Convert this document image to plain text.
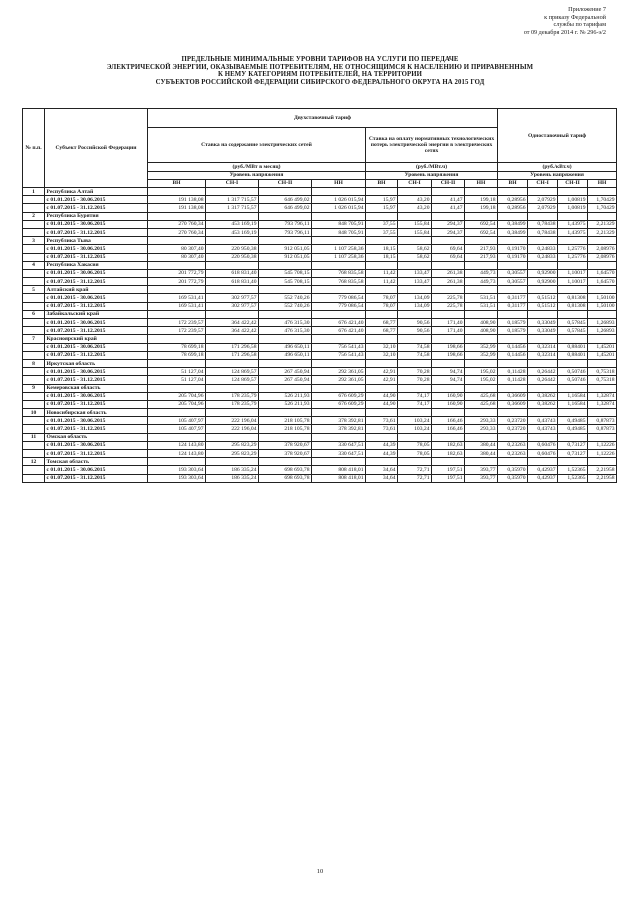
Приложение 7
к приказу Федеральной
службы по тарифам
от 09 декабря 2014 г. № 296-э/2
ПРЕДЕЛЬНЫЕ МИНИМАЛЬНЫЕ УРОВНИ ТАРИФОВ НА УСЛУГИ ПО ПЕРЕДАЧЕ
ЭЛЕКТРИЧЕСКОЙ ЭНЕРГИИ, ОКАЗЫВАЕМЫЕ ПОТРЕБИТЕЛЯМ, НЕ ОТНОСЯЩИМСЯ К НАСЕЛЕНИЮ И ПРИРАВНЕННЫМ
К НЕМУ КАТЕГОРИЯМ ПОТРЕБИТЕЛЕЙ, НА ТЕРРИТОРИИ
СУБЪЕКТОВ РОССИЙСКОЙ ФЕДЕРАЦИИ СИБИРСКОГО ФЕДЕРАЛЬНОГО ОКРУГА НА 2015 ГОД
№ п.п.	Субъект Российской Федерации	Двухставочный тариф								Одноставочный тариф			
		Ставка на содержание электрических сетей				Ставка на оплату нормативных технологических потерь электрической энергии в электрических сетях							
		(руб./МВт в месяц)				(руб./МВт.ч)				(руб./кВт.ч)			
		Уровень напряжения				Уровень напряжения				Уровень напряжения			
		ВН	СН-I	СН-II	НН	ВН	СН-I	СН-II	НН	ВН	СН-I	СН-II	НН
1	Республика Алтай												
	с 01.01.2015 - 30.06.2015	191 138,08	1 317 715,57	646 499,02	1 026 015,94	15,97	43,20	41,47	199,18	0,28956	2,07929	1,00819	1,70429
	с 01.07.2015 - 31.12.2015	191 138,08	1 317 715,57	646 499,02	1 026 015,94	15,97	43,20	41,47	199,18	0,28956	2,07929	1,00819	1,70429
2	Республика Бурятия												
	с 01.01.2015 - 30.06.2015	270 760,34	453 169,19	793 796,11	848 705,91	37,55	155,84	294,37	692,54	0,38499	0,78438	1,43975	2,21329
	с 01.07.2015 - 31.12.2015	270 760,34	453 169,19	793 796,11	848 705,91	37,55	155,84	294,37	692,54	0,38499	0,78438	1,43975	2,21329
3	Республика Тыва												
	с 01.01.2015 - 30.06.2015	80 307,40	220 950,38	912 051,05	1 107 258,36	18,15	58,62	69,64	217,93	0,19170	0,24833	1,25776	2,08976
	с 01.07.2015 - 31.12.2015	80 307,40	220 950,38	912 051,05	1 107 258,36	18,15	58,62	69,64	217,93	0,19170	0,24833	1,25776	2,08976
4	Республика Хакасия												
	с 01.01.2015 - 30.06.2015	201 772,79	618 831,40	545 708,15	768 835,58	11,42	133,47	261,38	449,73	0,30557	0,92900	1,10017	1,64570
	с 01.07.2015 - 31.12.2015	201 772,79	618 831,40	545 708,15	768 835,58	11,42	133,47	261,38	449,73	0,30557	0,92900	1,10017	1,64570
5	Алтайский край												
	с 01.01.2015 - 30.06.2015	169 531,41	302 977,57	552 740,26	779 086,54	78,07	134,09	225,78	531,51	0,31177	0,51512	0,81308	1,50100
	с 01.07.2015 - 31.12.2015	169 531,41	302 977,57	552 740,26	779 086,54	78,07	134,09	225,78	531,51	0,31177	0,51512	0,81308	1,50100
6	Забайкальский край												
	с 01.01.2015 - 30.06.2015	172 239,57	364 422,42	476 315,30	676 421,40	68,77	90,56	171,40	408,90	0,18579	0,33049	0,57845	1,26893
	с 01.07.2015 - 31.12.2015	172 239,57	364 422,42	476 315,30	676 421,40	68,77	90,56	171,40	408,90	0,18579	0,33049	0,57845	1,26893
7	Красноярский край												
	с 01.01.2015 - 30.06.2015	78 699,18	171 296,58	496 650,11	756 541,43	32,10	74,58	198,66	352,99	0,14456	0,32314	0,88401	1,45201
	с 01.07.2015 - 31.12.2015	78 699,18	171 296,58	496 650,11	756 541,43	32,10	74,58	198,66	352,99	0,14456	0,32314	0,88401	1,45201
8	Иркутская область												
	с 01.01.2015 - 30.06.2015	51 127,04	124 869,57	267 450,94	292 361,05	42,91	70,28	94,74	195,02	0,11428	0,26442	0,50746	0,75318
	с 01.07.2015 - 31.12.2015	51 127,04	124 869,57	267 450,94	292 361,05	42,91	70,28	94,74	195,02	0,11428	0,26442	0,50746	0,75318
9	Кемеровская область												
	с 01.01.2015 - 30.06.2015	205 704,96	178 235,79	526 211,93	676 609,29	44,90	74,17	160,90	425,68	0,36609	0,38262	1,16584	1,32874
	с 01.07.2015 - 31.12.2015	205 704,96	178 235,79	526 211,93	676 609,29	44,90	74,17	160,90	425,68	0,36609	0,38262	1,16584	1,32874
10	Новосибирская область												
	с 01.01.2015 - 30.06.2015	105 407,97	222 196,04	218 105,78	378 392,81	73,61	103,24	166,46	293,33	0,23720	0,43743	0,49485	0,87873
	с 01.07.2015 - 31.12.2015	105 407,97	222 196,04	218 105,78	378 392,81	73,61	103,24	166,46	293,33	0,23720	0,43743	0,49485	0,87873
11	Омская область												
	с 01.01.2015 - 30.06.2015	124 143,80	295 823,29	378 920,67	330 647,51	44,39	78,05	182,63	380,44	0,23263	0,60476	0,73127	1,12226
	с 01.07.2015 - 31.12.2015	124 143,80	295 823,29	378 920,67	330 647,51	44,39	78,05	182,63	380,44	0,23263	0,60476	0,73127	1,12226
12	Томская область												
	с 01.01.2015 - 30.06.2015	193 303,64	186 335,24	698 693,78	808 418,01	34,64	72,71	197,51	393,77	0,35970	0,42937	1,52365	2,21958
	с 01.07.2015 - 31.12.2015	193 303,64	186 335,24	698 693,78	808 418,01	34,64	72,71	197,51	393,77	0,35970	0,42937	1,52365	2,21958
10
